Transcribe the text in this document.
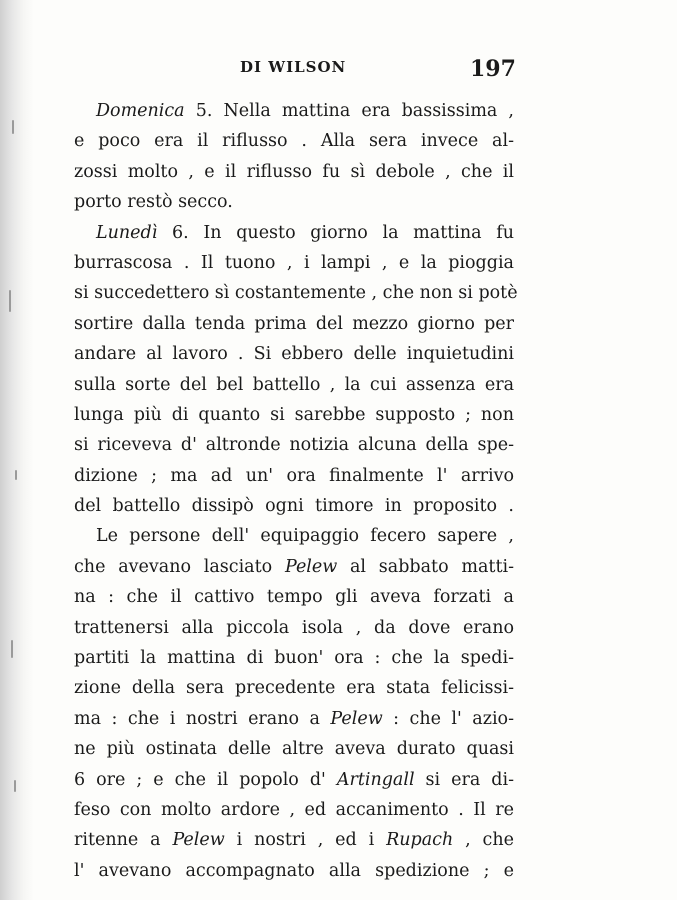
DI WILSON	197
Domenica 5. Nella mattina era bassissima ,
e poco era il riflusso . Alla sera invece al-
zossi molto , e il riflusso fu sì debole , che il
porto restò secco.
Lunedì 6. In questo giorno la mattina fu
burrascosa . Il tuono , i lampi , e la pioggia
si succedettero sì costantemente , che non si potè
sortire dalla tenda prima del mezzo giorno per
andare al lavoro . Si ebbero delle inquietudini
sulla sorte del bel battello , la cui assenza era
lunga più di quanto si sarebbe supposto ; non
si riceveva d' altronde notizia alcuna della spe-
dizione ; ma ad un' ora finalmente l' arrivo
del battello dissipò ogni timore in proposito .
Le persone dell' equipaggio fecero sapere ,
che avevano lasciato Pelew al sabbato matti-
na : che il cattivo tempo gli aveva forzati a
trattenersi alla piccola isola , da dove erano
partiti la mattina di buon' ora : che la spedi-
zione della sera precedente era stata felicissi-
ma : che i nostri erano a Pelew : che l' azio-
ne più ostinata delle altre aveva durato quasi
6 ore ; e che il popolo d' Artingall si era di-
feso con molto ardore , ed accanimento . Il re
ritenne a Pelew i nostri , ed i Rupach , che
l' avevano accompagnato alla spedizione ; e
